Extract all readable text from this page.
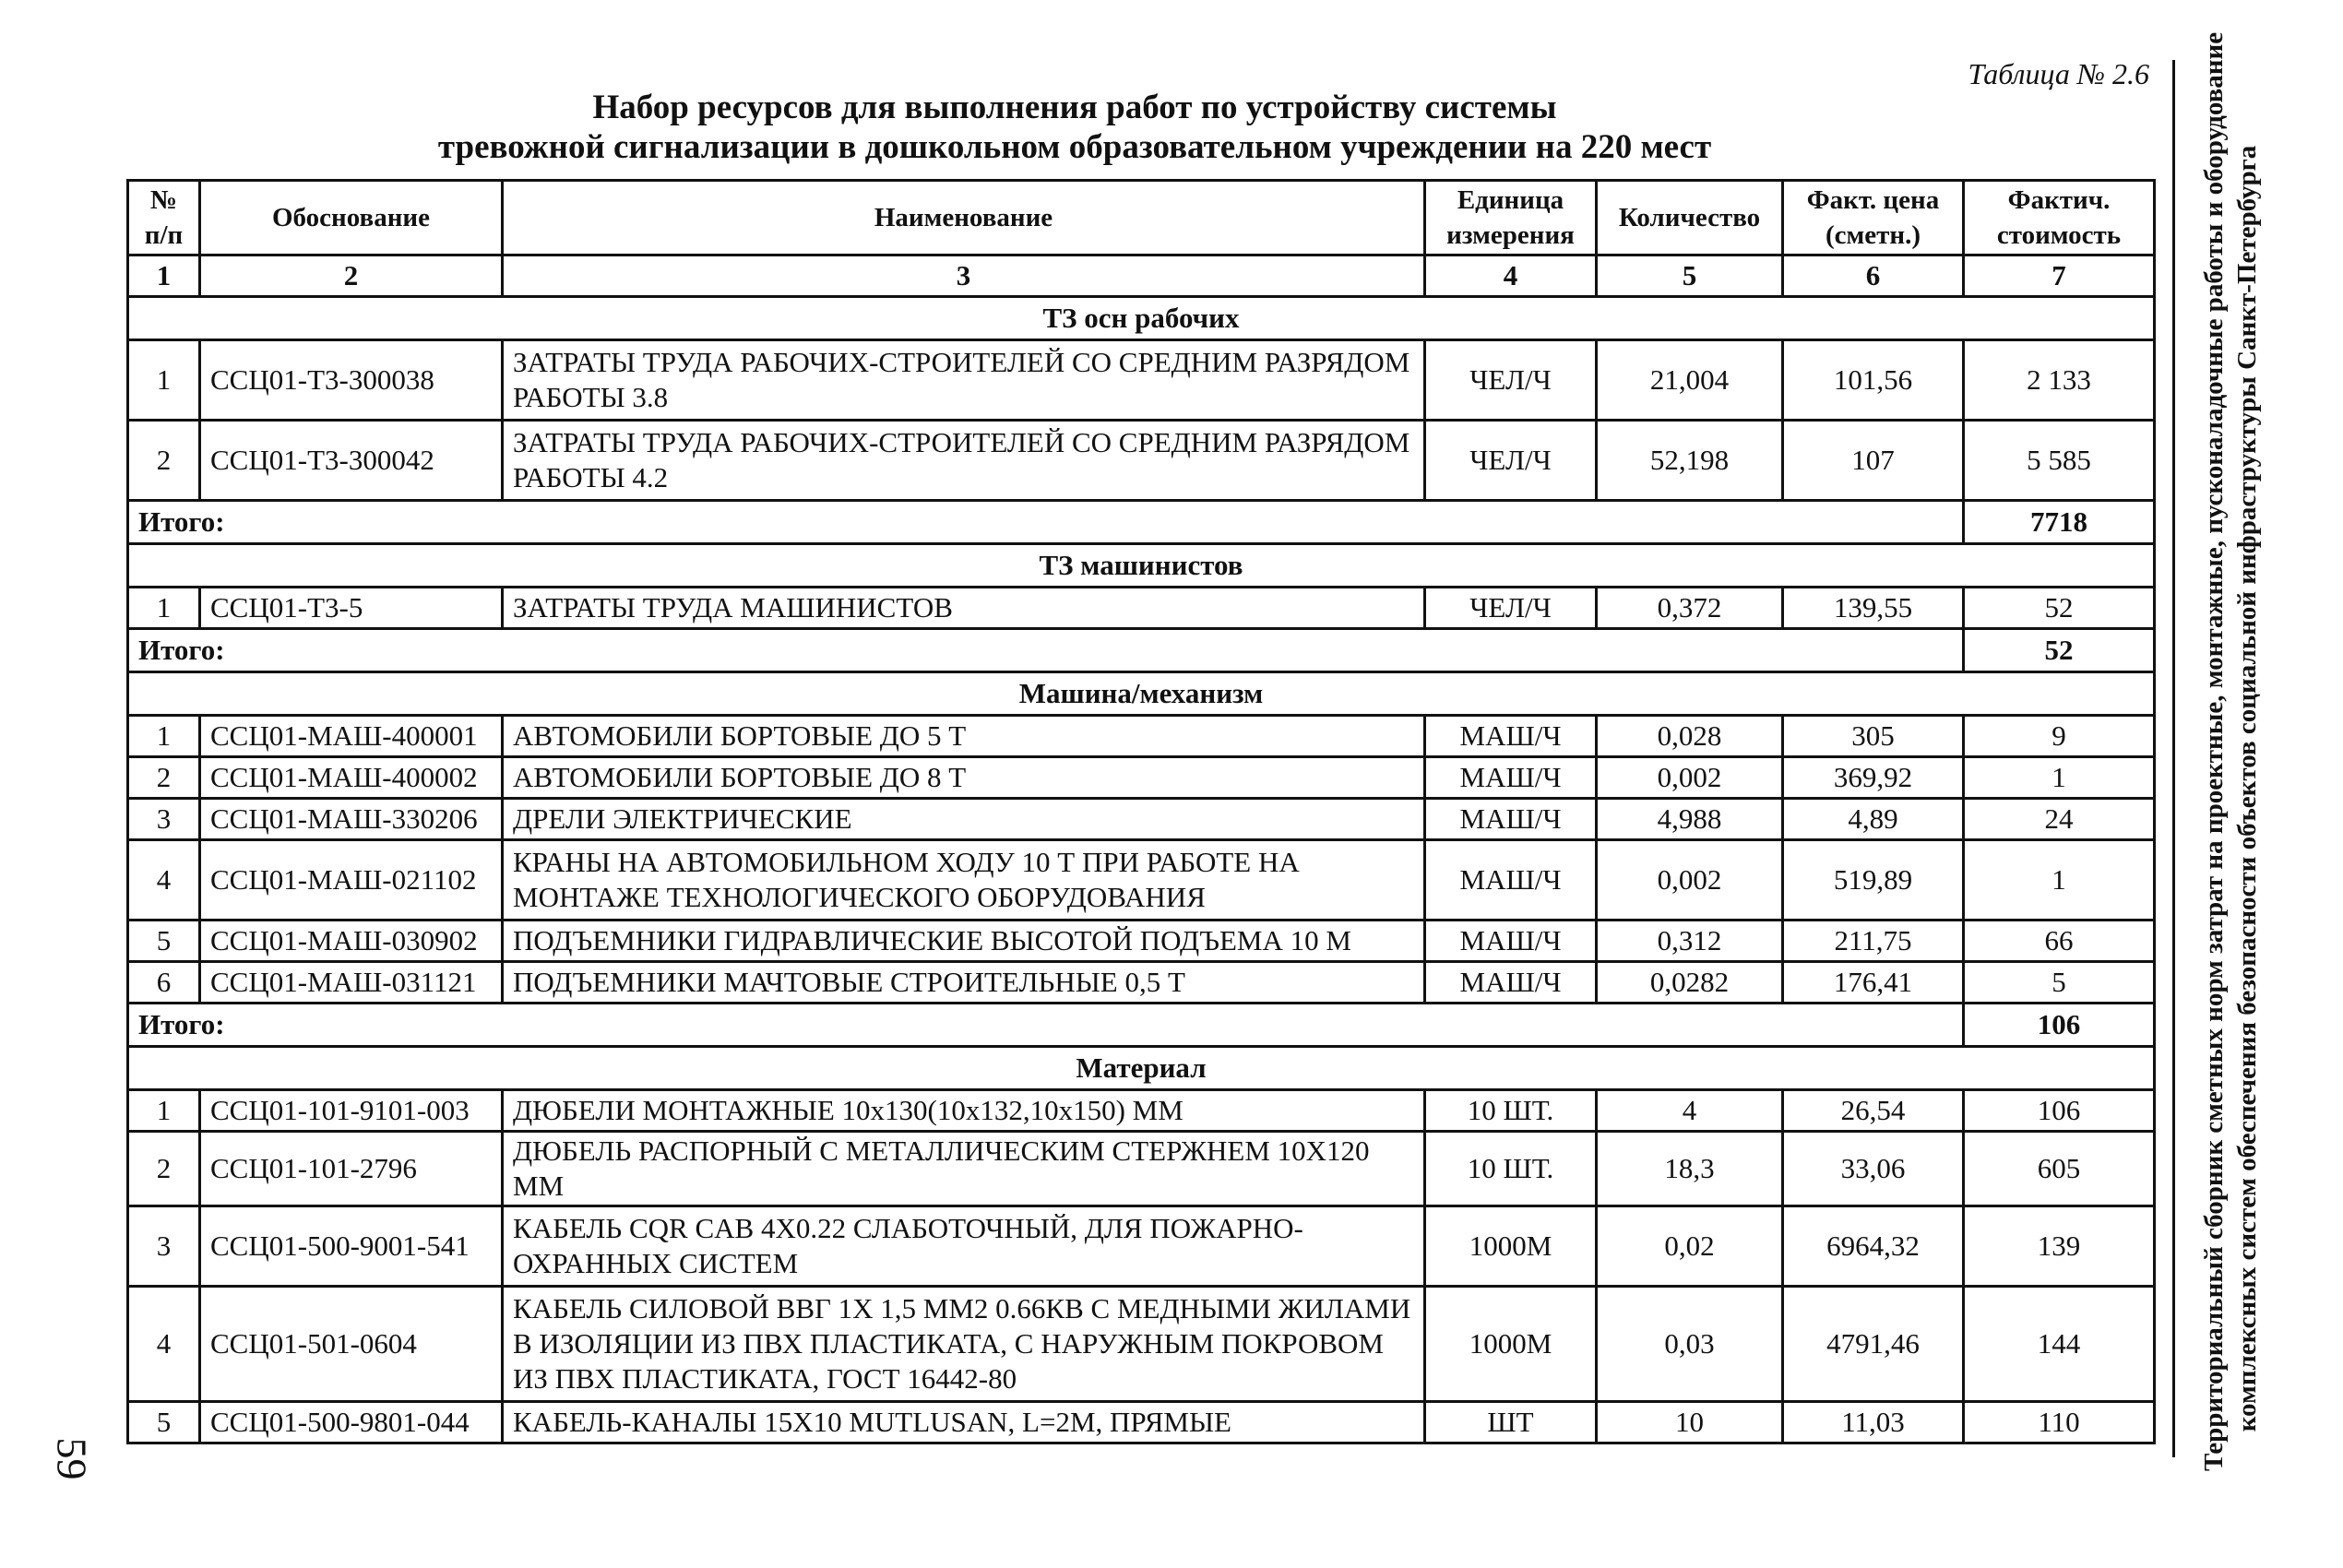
Таблица № 2.6
Набор ресурсов для выполнения работ по устройству системы
тревожной сигнализации в дошкольном образовательном учреждении на 220 мест
№ п/п	Обоснование	Наименование	Единица измерения	Количество	Факт. цена (сметн.)	Фактич. стоимость
1	2	3	4	5	6	7
ТЗ осн рабочих						
1	ССЦ01-Т3-300038	ЗАТРАТЫ ТРУДА РАБОЧИХ-СТРОИТЕЛЕЙ СО СРЕДНИМ РАЗРЯДОМ РАБОТЫ 3.8	ЧЕЛ/Ч	21,004	101,56	2 133
2	ССЦ01-Т3-300042	ЗАТРАТЫ ТРУДА РАБОЧИХ-СТРОИТЕЛЕЙ СО СРЕДНИМ РАЗРЯДОМ РАБОТЫ 4.2	ЧЕЛ/Ч	52,198	107	5 585
Итого:						7718
ТЗ машинистов						
1	ССЦ01-Т3-5	ЗАТРАТЫ ТРУДА МАШИНИСТОВ	ЧЕЛ/Ч	0,372	139,55	52
Итого:						52
Машина/механизм						
1	ССЦ01-МАШ-400001	АВТОМОБИЛИ БОРТОВЫЕ ДО 5 Т	МАШ/Ч	0,028	305	9
2	ССЦ01-МАШ-400002	АВТОМОБИЛИ БОРТОВЫЕ ДО 8 Т	МАШ/Ч	0,002	369,92	1
3	ССЦ01-МАШ-330206	ДРЕЛИ ЭЛЕКТРИЧЕСКИЕ	МАШ/Ч	4,988	4,89	24
4	ССЦ01-МАШ-021102	КРАНЫ НА АВТОМОБИЛЬНОМ ХОДУ 10 Т ПРИ РАБОТЕ НА МОНТАЖЕ ТЕХНОЛОГИЧЕСКОГО ОБОРУДОВАНИЯ	МАШ/Ч	0,002	519,89	1
5	ССЦ01-МАШ-030902	ПОДЪЕМНИКИ ГИДРАВЛИЧЕСКИЕ ВЫСОТОЙ ПОДЪЕМА 10 М	МАШ/Ч	0,312	211,75	66
6	ССЦ01-МАШ-031121	ПОДЪЕМНИКИ МАЧТОВЫЕ СТРОИТЕЛЬНЫЕ 0,5 Т	МАШ/Ч	0,0282	176,41	5
Итого:						106
Материал						
1	ССЦ01-101-9101-003	ДЮБЕЛИ МОНТАЖНЫЕ 10x130(10x132,10x150) ММ	10 ШТ.	4	26,54	106
2	ССЦ01-101-2796	ДЮБЕЛЬ РАСПОРНЫЙ С МЕТАЛЛИЧЕСКИМ СТЕРЖНЕМ 10X120 ММ	10 ШТ.	18,3	33,06	605
3	ССЦ01-500-9001-541	КАБЕЛЬ CQR CAB 4X0.22 СЛАБОТОЧНЫЙ, ДЛЯ ПОЖАРНО-ОХРАННЫХ СИСТЕМ	1000М	0,02	6964,32	139
4	ССЦ01-501-0604	КАБЕЛЬ СИЛОВОЙ ВВГ 1Х 1,5 ММ2 0.66КВ С МЕДНЫМИ ЖИЛАМИ В ИЗОЛЯЦИИ ИЗ ПВХ ПЛАСТИКАТА, С НАРУЖНЫМ ПОКРОВОМ ИЗ ПВХ ПЛАСТИКАТА, ГОСТ 16442-80	1000М	0,03	4791,46	144
5	ССЦ01-500-9801-044	КАБЕЛЬ-КАНАЛЫ 15X10 MUTLUSAN, L=2М, ПРЯМЫЕ	ШТ	10	11,03	110	Территориальный сборник сметных норм затрат на проектные, монтажные, пусконаладочные работы и оборудование комплексных систем обеспечения безопасности объектов социальной инфраструктуры Санкт-Петербурга
59
